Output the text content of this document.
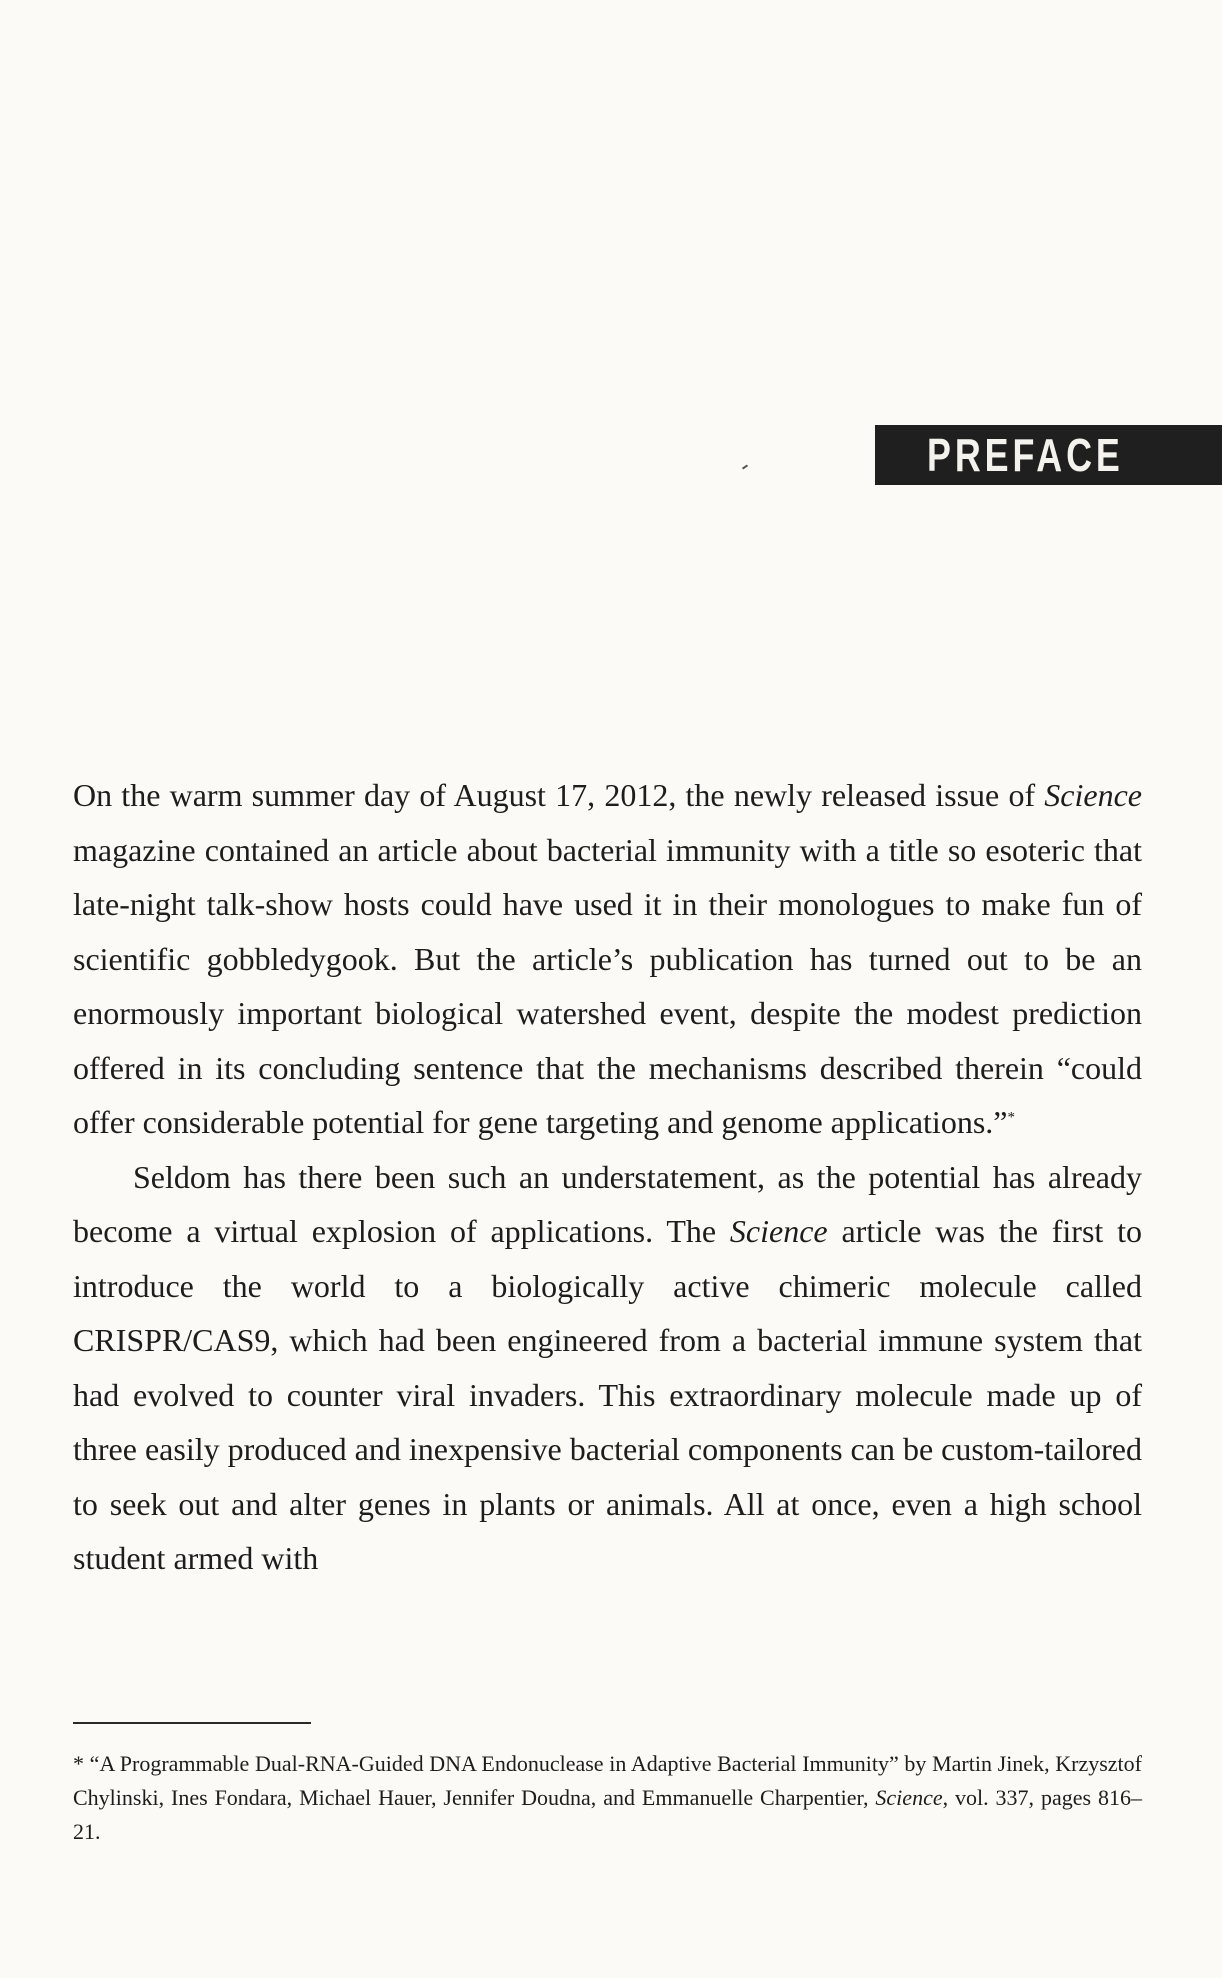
PREFACE

On the warm summer day of August 17, 2012, the newly released issue of Science magazine contained an article about bacterial immunity with a title so esoteric that late-night talk-show hosts could have used it in their monologues to make fun of scientific gobbledygook. But the article’s publication has turned out to be an enormously important biological watershed event, despite the modest prediction offered in its concluding sentence that the mechanisms described therein “could offer considerable potential for gene targeting and genome applications.”*

Seldom has there been such an understatement, as the potential has already become a virtual explosion of applications. The Science article was the first to introduce the world to a biologically active chimeric molecule called CRISPR/CAS9, which had been engineered from a bacterial immune system that had evolved to counter viral invaders. This extraordinary molecule made up of three easily produced and inexpensive bacterial components can be custom-tailored to seek out and alter genes in plants or animals. All at once, even a high school student armed with

* “A Programmable Dual-RNA-Guided DNA Endonuclease in Adaptive Bacterial Immunity” by Martin Jinek, Krzysztof Chylinski, Ines Fondara, Michael Hauer, Jennifer Doudna, and Emmanuelle Charpentier, Science, vol. 337, pages 816–21.
